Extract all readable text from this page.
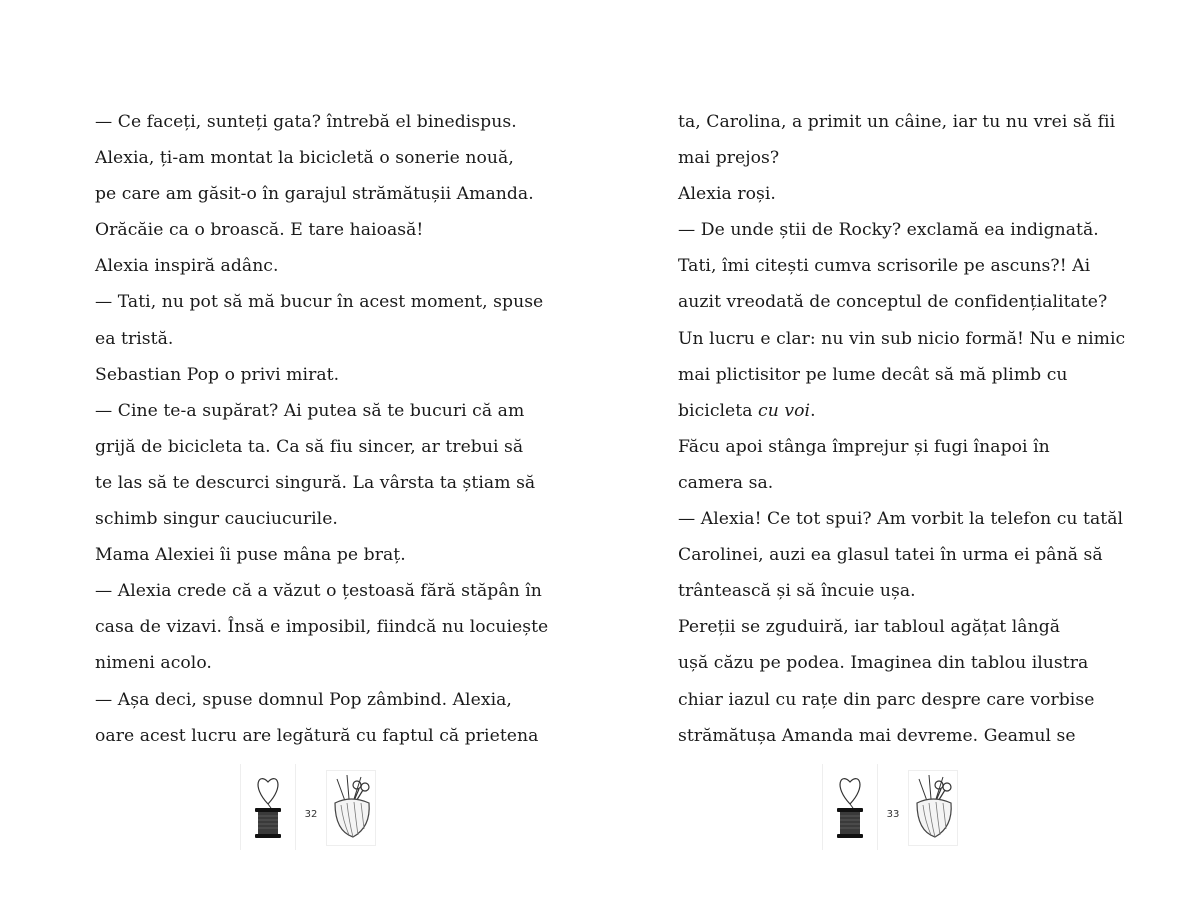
— Ce faceți, sunteți gata? întrebă el binedispus.
Alexia, ți-am montat la bicicletă o sonerie nouă,
pe care am găsit-o în garajul strămătușii Amanda.
Orăcăie ca o broască. E tare haioasă!
Alexia inspiră adânc.
— Tati, nu pot să mă bucur în acest moment, spuse
ea tristă.
Sebastian Pop o privi mirat.
— Cine te-a supărat? Ai putea să te bucuri că am
grijă de bicicleta ta. Ca să fiu sincer, ar trebui să
te las să te descurci singură. La vârsta ta știam să
schimb singur cauciucurile.
Mama Alexiei îi puse mâna pe braț.
— Alexia crede că a văzut o țestoasă fără stăpân în
casa de vizavi. Însă e imposibil, fiindcă nu locuiește
nimeni acolo.
— Așa deci, spuse domnul Pop zâmbind. Alexia,
oare acest lucru are legătură cu faptul că prietena
ta, Carolina, a primit un câine, iar tu nu vrei să fii
mai prejos?
Alexia roși.
— De unde știi de Rocky? exclamă ea indignată.
Tati, îmi citești cumva scrisorile pe ascuns?! Ai
auzit vreodată de conceptul de confidențialitate?
Un lucru e clar: nu vin sub nicio formă! Nu e nimic
mai plictisitor pe lume decât să mă plimb cu
bicicleta cu voi.
Făcu apoi stânga împrejur și fugi înapoi în
camera sa.
— Alexia! Ce tot spui? Am vorbit la telefon cu tatăl
Carolinei, auzi ea glasul tatei în urma ei până să
trântească și să încuie ușa.
Pereții se zguduiră, iar tabloul agățat lângă
ușă căzu pe podea. Imaginea din tablou ilustra
chiar iazul cu rațe din parc despre care vorbise
strămătușa Amanda mai devreme. Geamul se
32	33
